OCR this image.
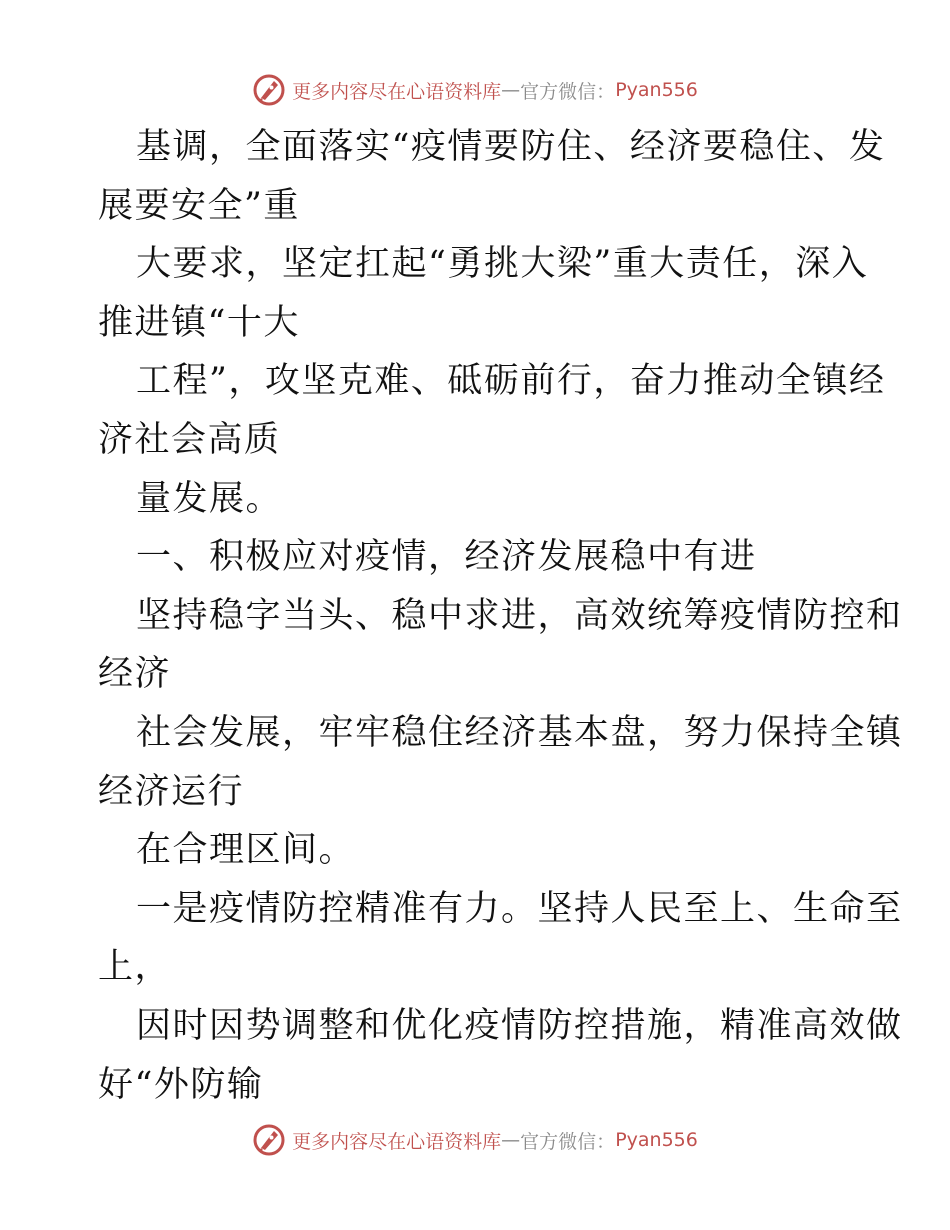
更多内容尽在心语资料库 — 官方微信： Pyan556
基调，全面落实“疫情要防住、经济要稳住、发
展要安全”重
大要求，坚定扛起“勇挑大梁”重大责任，深入
推进镇“十大
工程”，攻坚克难、砥砺前行，奋力推动全镇经
济社会高质
量发展。
一、积极应对疫情，经济发展稳中有进
坚持稳字当头、稳中求进，高效统筹疫情防控和
经济
社会发展，牢牢稳住经济基本盘，努力保持全镇
经济运行
在合理区间。
一是疫情防控精准有力。坚持人民至上、生命至
上，
因时因势调整和优化疫情防控措施，精准高效做
好“外防输
更多内容尽在心语资料库 — 官方微信： Pyan556
